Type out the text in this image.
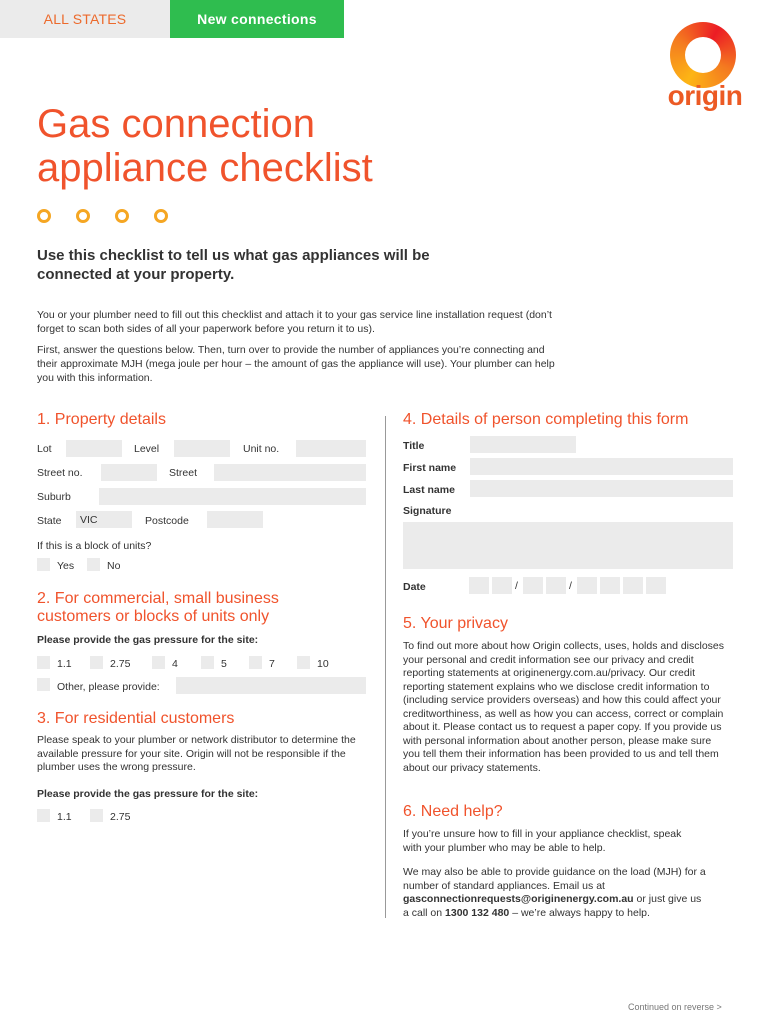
ALL STATES	New connections
origin
Gas connection
appliance checklist
Use this checklist to tell us what gas appliances will be connected at your property.
You or your plumber need to fill out this checklist and attach it to your gas service line installation request (don’t forget to scan both sides of all your paperwork before you return it to us).
First, answer the questions below. Then, turn over to provide the number of appliances you’re connecting and their approximate MJH (mega joule per hour – the amount of gas the appliance will use). Your plumber can help you with this information.
1. Property details
Lot	Level	Unit no.
Street no.	Street
Suburb
State	VIC	Postcode
If this is a block of units?
Yes	No
2. For commercial, small business customers or blocks of units only
Please provide the gas pressure for the site:
1.1	2.75	4	5	7	10
Other, please provide:
3. For residential customers
Please speak to your plumber or network distributor to determine the available pressure for your site. Origin will not be responsible if the plumber uses the wrong pressure.
Please provide the gas pressure for the site:
1.1	2.75
4. Details of person completing this form
Title
First name
Last name
Signature
Date	/	/
5. Your privacy
To find out more about how Origin collects, uses, holds and discloses your personal and credit information see our privacy and credit reporting statements at originenergy.com.au/privacy. Our credit reporting statement explains who we disclose credit information to (including service providers overseas) and how this could affect your creditworthiness, as well as how you can access, correct or complain about it. Please contact us to request a paper copy. If you provide us with personal information about another person, please make sure you tell them their information has been provided to us and tell them about our privacy statements.
6. Need help?
If you’re unsure how to fill in your appliance checklist, speak with your plumber who may be able to help.
We may also be able to provide guidance on the load (MJH) for a number of standard appliances. Email us at gasconnectionrequests@originenergy.com.au or just give us a call on 1300 132 480 – we’re always happy to help.
Continued on reverse >
